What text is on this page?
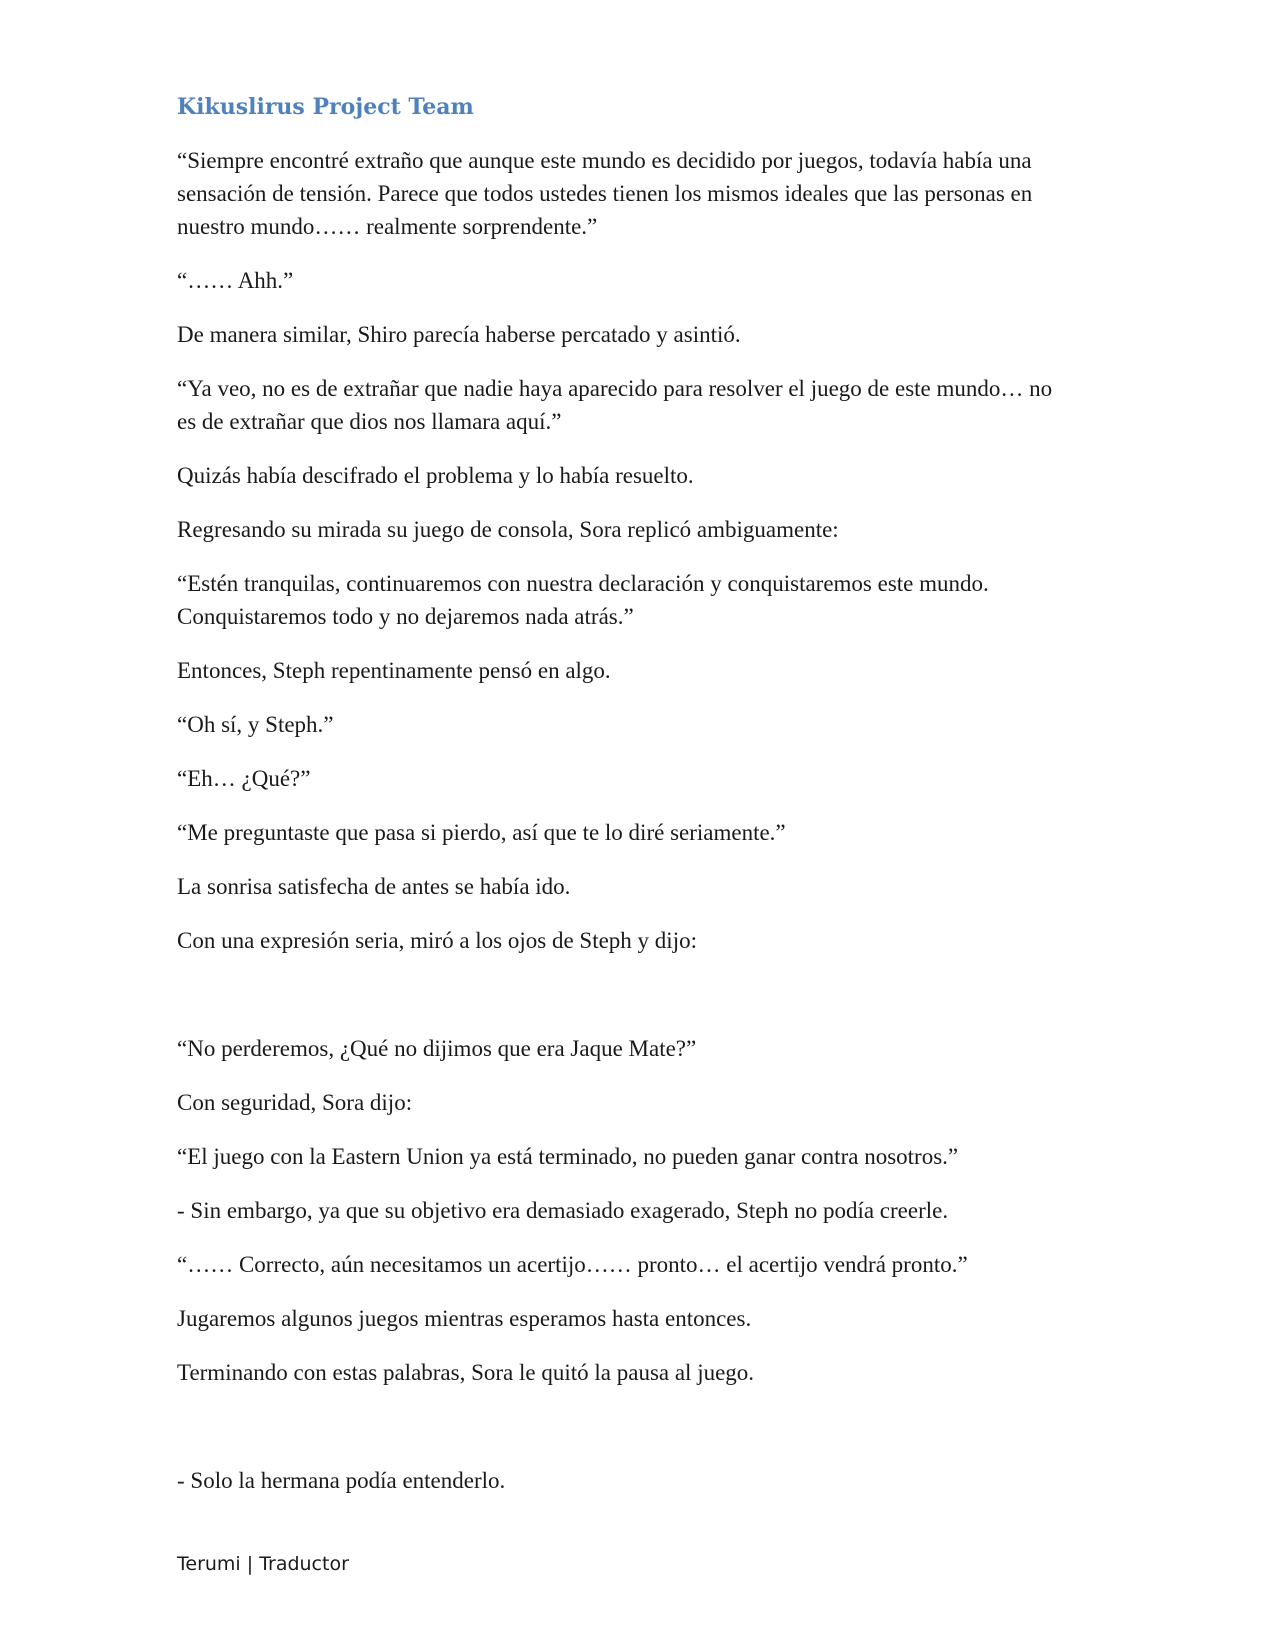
Kikuslirus Project Team

“Siempre encontré extraño que aunque este mundo es decidido por juegos, todavía había una sensación de tensión. Parece que todos ustedes tienen los mismos ideales que las personas en nuestro mundo…… realmente sorprendente.”

“…… Ahh.”

De manera similar, Shiro parecía haberse percatado y asintió.

“Ya veo, no es de extrañar que nadie haya aparecido para resolver el juego de este mundo… no es de extrañar que dios nos llamara aquí.”

Quizás había descifrado el problema y lo había resuelto.

Regresando su mirada su juego de consola, Sora replicó ambiguamente:

“Estén tranquilas, continuaremos con nuestra declaración y conquistaremos este mundo. Conquistaremos todo y no dejaremos nada atrás.”

Entonces, Steph repentinamente pensó en algo.

“Oh sí, y Steph.”

“Eh… ¿Qué?”

“Me preguntaste que pasa si pierdo, así que te lo diré seriamente.”

La sonrisa satisfecha de antes se había ido.

Con una expresión seria, miró a los ojos de Steph y dijo:

“No perderemos, ¿Qué no dijimos que era Jaque Mate?”

Con seguridad, Sora dijo:

“El juego con la Eastern Union ya está terminado, no pueden ganar contra nosotros.”

- Sin embargo, ya que su objetivo era demasiado exagerado, Steph no podía creerle.

“…… Correcto, aún necesitamos un acertijo…… pronto… el acertijo vendrá pronto.”

Jugaremos algunos juegos mientras esperamos hasta entonces.

Terminando con estas palabras, Sora le quitó la pausa al juego.

- Solo la hermana podía entenderlo.

Terumi | Traductor
